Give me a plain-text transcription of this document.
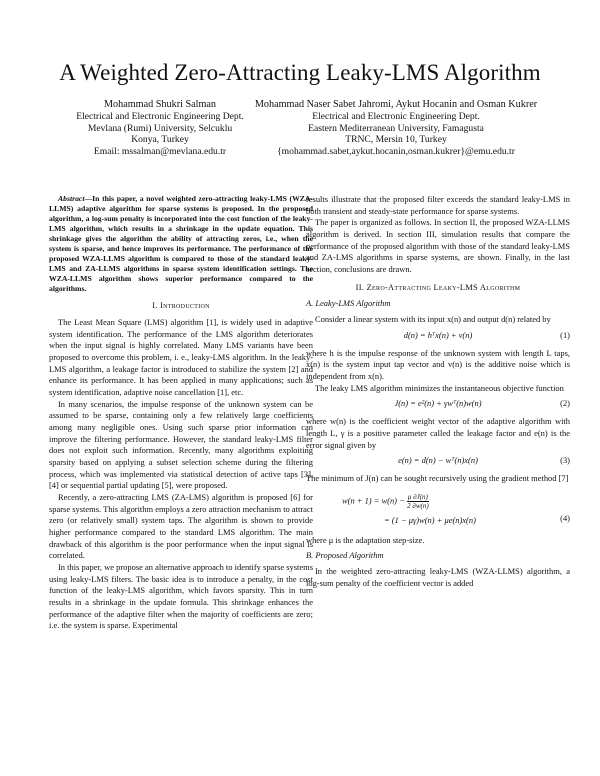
A Weighted Zero-Attracting Leaky-LMS Algorithm
Mohammad Shukri Salman
Electrical and Electronic Engineering Dept.
Mevlana (Rumi) University, Selcuklu
Konya, Turkey
Email: mssalman@mevlana.edu.tr
Mohammad Naser Sabet Jahromi, Aykut Hocanin and Osman Kukrer
Electrical and Electronic Engineering Dept.
Eastern Mediterranean University, Famagusta
TRNC, Mersin 10, Turkey
{mohammad.sabet,aykut.hocanin,osman.kukrer}@emu.edu.tr

Abstract—In this paper, a novel weighted zero-attracting leaky-LMS (WZA-LLMS) adaptive algorithm for sparse systems is proposed. In the proposed algorithm, a log-sum penalty is incorporated into the cost function of the leaky-LMS algorithm, which results in a shrinkage in the update equation. This shrinkage gives the algorithm the ability of attracting zeros, i.e., when the system is sparse, and hence improves its performance. The performance of the proposed WZA-LLMS algorithm is compared to those of the standard leaky-LMS and ZA-LLMS algorithms in sparse system identification settings. The WZA-LLMS algorithm shows superior performance compared to the algorithms.

I. Introduction

The Least Mean Square (LMS) algorithm [1], is widely used in adaptive system identification. The performance of the LMS algorithm deteriorates when the input signal is highly correlated. Many LMS variants have been proposed to overcome this problem, i. e., leaky-LMS algorithm. In the leaky-LMS algorithm, a leakage factor is introduced to stabilize the system [2] and enhance its performance. It has been applied in many applications; such as system identification, adaptive noise cancellation [1], etc.

In many scenarios, the impulse response of the unknown system can be assumed to be sparse, containing only a few relatively large coefficients among many negligible ones. Using such sparse prior information can improve the filtering performance. However, the standard leaky-LMS filter does not exploit such information. Recently, many algorithms exploiting sparsity based on applying a subset selection scheme during the filtering process, which was implemented via statistical detection of active taps [3], [4] or sequential partial updating [5], were proposed.

Recently, a zero-attracting LMS (ZA-LMS) algorithm is proposed [6] for sparse systems. This algorithm employs a zero attraction mechanism to attract zero (or relatively small) system taps. The algorithm is shown to provide higher performance compared to the standard LMS algorithm. The main drawback of this algorithm is the poor performance when the input signal is correlated.

In this paper, we propose an alternative approach to identify sparse systems using leaky-LMS filters. The basic idea is to introduce a penalty, in the cost function of the leaky-LMS algorithm, which favors sparsity. This in turn results in a shrinkage in the update formula. This shrinkage enhances the performance of the adaptive filter when the majority of coefficients are zero; i.e. the system is sparse. Experimental

results illustrate that the proposed filter exceeds the standard leaky-LMS in both transient and steady-state performance for sparse systems.

The paper is organized as follows. In section II, the proposed WZA-LLMS algorithm is derived. In section III, simulation results that compare the performance of the proposed algorithm with those of the standard leaky-LMS and ZA-LMS algorithms in sparse systems, are shown. Finally, in the last section, conclusions are drawn.

II. Zero-Attracting Leaky-LMS Algorithm
A. Leaky-LMS Algorithm

Consider a linear system with its input x(n) and output d(n) related by

d(n) = hᵀx(n) + v(n)	(1)

where h is the impulse response of the unknown system with length L taps, x(n) is the system input tap vector and v(n) is the additive noise which is independent from x(n).

The leaky LMS algorithm minimizes the instantaneous objective function

J(n) = e²(n) + γwᵀ(n)w(n)	(2)

where w(n) is the coefficient weight vector of the adaptive algorithm with length L, γ is a positive parameter called the leakage factor and e(n) is the error signal given by

e(n) = d(n) − wᵀ(n)x(n)	(3)

The minimum of J(n) can be sought recursively using the gradient method [7]

$w(n + 1) = w(n) - \frac{\mu \partial J(n)}{2 \partial w(n)}$
= (1 − μγ)w(n) + μe(n)x(n)	(4)

where μ is the adaptation step-size.

B. Proposed Algorithm

In the weighted zero-attracting leaky-LMS (WZA-LLMS) algorithm, a log-sum penalty of the coefficient vector is added
